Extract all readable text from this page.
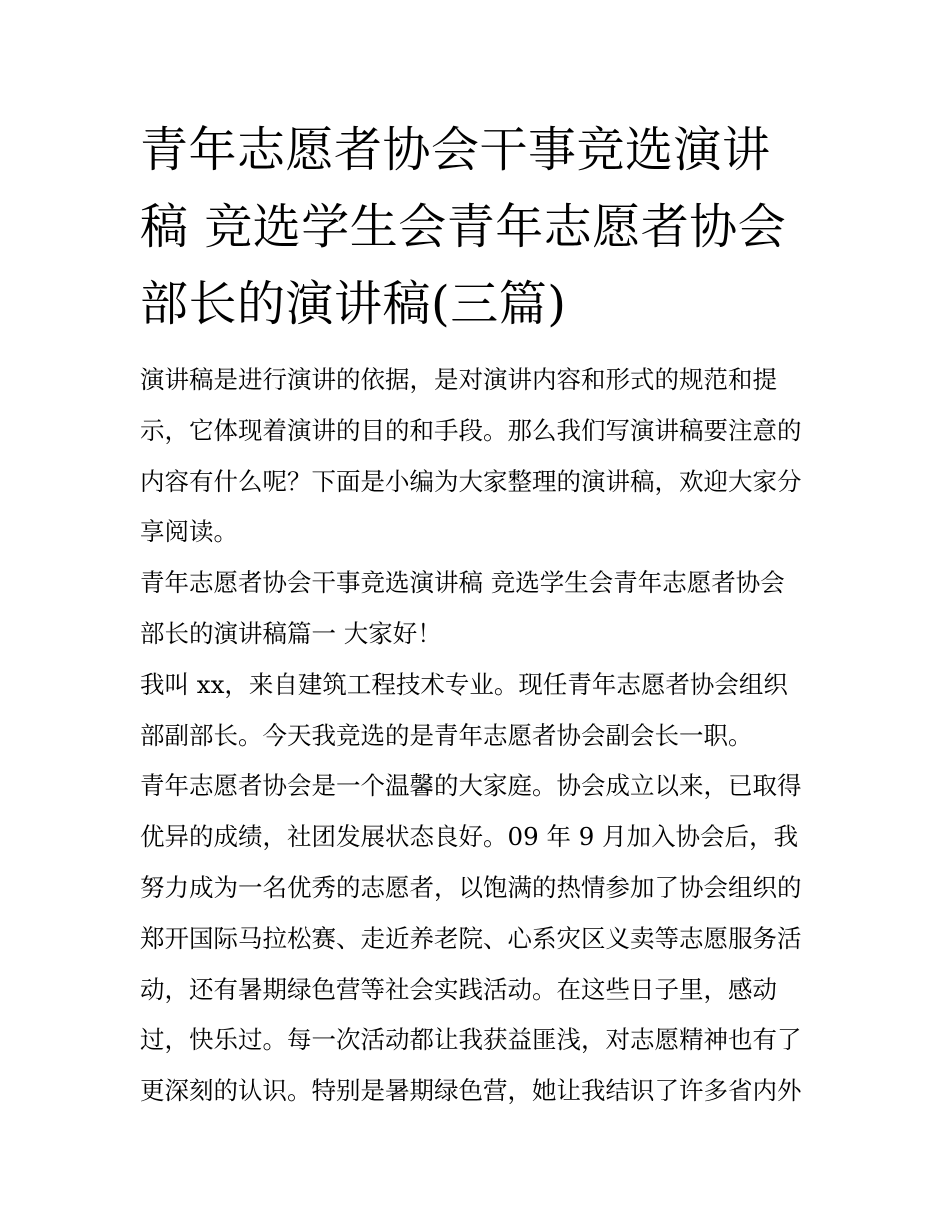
青年志愿者协会干事竞选演讲
稿 竞选学生会青年志愿者协会
部长的演讲稿(三篇)

演讲稿是进行演讲的依据，是对演讲内容和形式的规范和提
示，它体现着演讲的目的和手段。那么我们写演讲稿要注意的
内容有什么呢？下面是小编为大家整理的演讲稿，欢迎大家分
享阅读。

青年志愿者协会干事竞选演讲稿 竞选学生会青年志愿者协会
部长的演讲稿篇一 大家好！

我叫 xx，来自建筑工程技术专业。现任青年志愿者协会组织
部副部长。今天我竞选的是青年志愿者协会副会长一职。

青年志愿者协会是一个温馨的大家庭。协会成立以来，已取得
优异的成绩，社团发展状态良好。09 年 9 月加入协会后，我
努力成为一名优秀的志愿者，以饱满的热情参加了协会组织的
郑开国际马拉松赛、走近养老院、心系灾区义卖等志愿服务活
动，还有暑期绿色营等社会实践活动。在这些日子里，感动
过，快乐过。每一次活动都让我获益匪浅，对志愿精神也有了
更深刻的认识。特别是暑期绿色营，她让我结识了许多省内外
